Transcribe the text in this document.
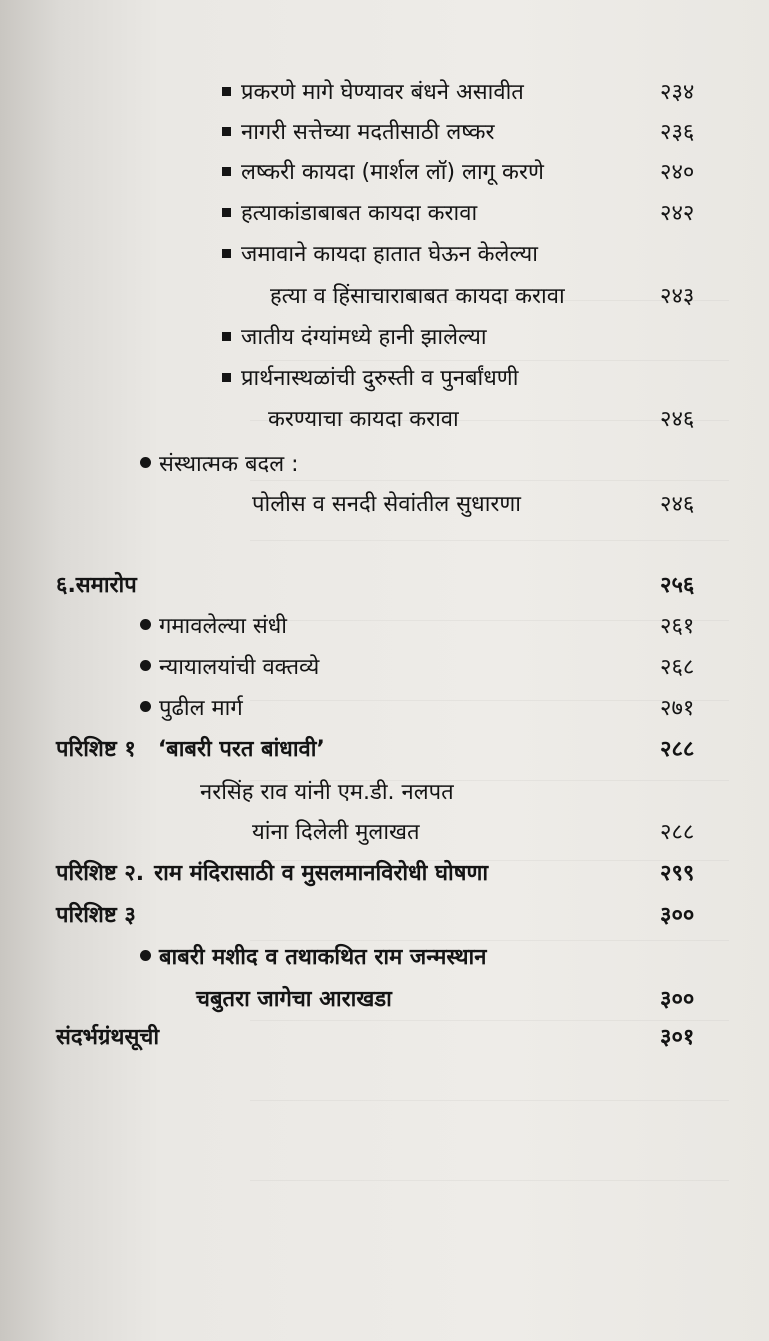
प्रकरणे मागे घेण्यावर बंधने असावीत	२३४
नागरी सत्तेच्या मदतीसाठी लष्कर	२३६
लष्करी कायदा (मार्शल लॉ) लागू करणे	२४०
हत्याकांडाबाबत कायदा करावा	२४२
जमावाने कायदा हातात घेऊन केलेल्या
हत्या व हिंसाचाराबाबत कायदा करावा	२४३
जातीय दंग्यांमध्ये हानी झालेल्या
प्रार्थनास्थळांची दुरुस्ती व पुनर्बांधणी
करण्याचा कायदा करावा	२४६
संस्थात्मक बदल :
पोलीस व सनदी सेवांतील सुधारणा	२४६
६.समारोप	२५६
गमावलेल्या संधी	२६१
न्यायालयांची वक्तव्ये	२६८
पुढील मार्ग	२७१
परिशिष्ट १ ‘बाबरी परत बांधावी’	२८८
नरसिंह राव यांनी एम.डी. नलपत
यांना दिलेली मुलाखत	२८८
परिशिष्ट २. राम मंदिरासाठी व मुसलमानविरोधी घोषणा	२९९
परिशिष्ट ३	३००
बाबरी मशीद व तथाकथित राम जन्मस्थान
चबुतरा जागेचा आराखडा	३००
संदर्भग्रंथसूची	३०१
